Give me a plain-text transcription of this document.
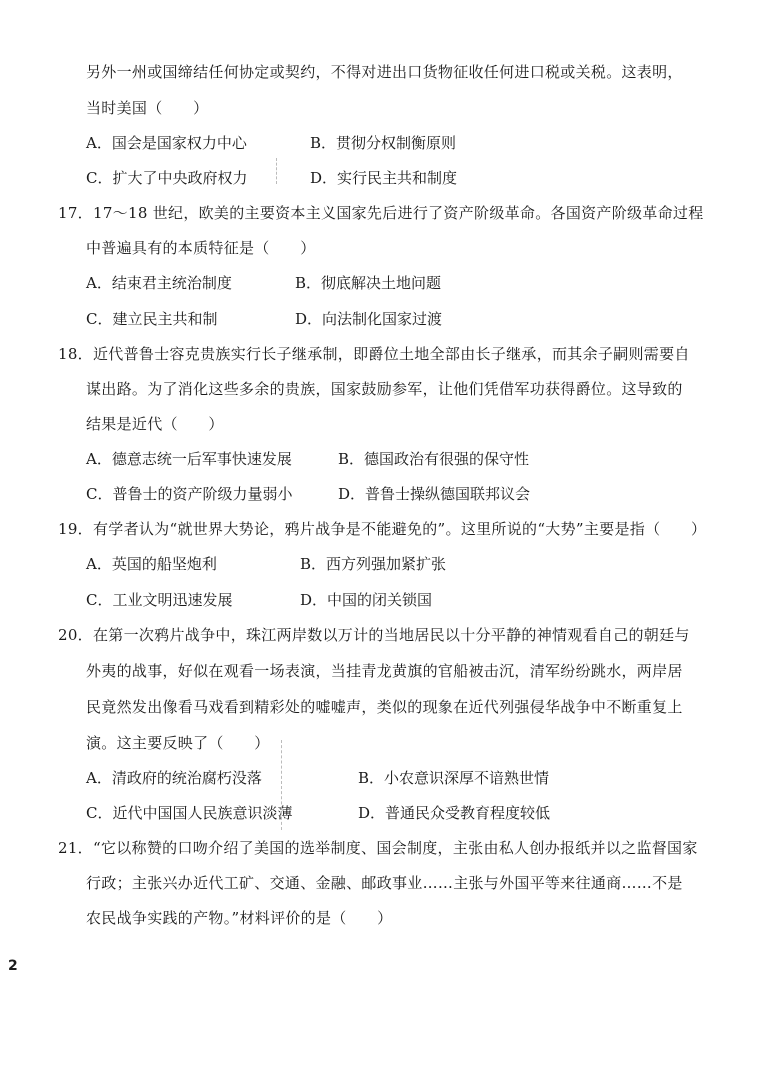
另外一州或国缔结任何协定或契约，不得对进出口货物征收任何进口税或关税。这表明，
当时美国（　　）
A．国会是国家权力中心	B．贯彻分权制衡原则
C．扩大了中央政府权力	D．实行民主共和制度
17．17～18 世纪，欧美的主要资本主义国家先后进行了资产阶级革命。各国资产阶级革命过程
中普遍具有的本质特征是（　　）
A．结束君主统治制度	B．彻底解决土地问题
C．建立民主共和制	D．向法制化国家过渡
18．近代普鲁士容克贵族实行长子继承制，即爵位土地全部由长子继承，而其余子嗣则需要自
谋出路。为了消化这些多余的贵族，国家鼓励参军，让他们凭借军功获得爵位。这导致的
结果是近代（　　）
A．德意志统一后军事快速发展	B．德国政治有很强的保守性
C．普鲁士的资产阶级力量弱小	D．普鲁士操纵德国联邦议会
19．有学者认为“就世界大势论，鸦片战争是不能避免的”。这里所说的“大势”主要是指（　　）
A．英国的船坚炮利	B．西方列强加紧扩张
C．工业文明迅速发展	D．中国的闭关锁国
20．在第一次鸦片战争中，珠江两岸数以万计的当地居民以十分平静的神情观看自己的朝廷与
外夷的战事，好似在观看一场表演，当挂青龙黄旗的官船被击沉，清军纷纷跳水，两岸居
民竟然发出像看马戏看到精彩处的嘘嘘声，类似的现象在近代列强侵华战争中不断重复上
演。这主要反映了（　　）
A．清政府的统治腐朽没落	B．小农意识深厚不谙熟世情
C．近代中国国人民族意识淡薄	D．普通民众受教育程度较低
21．“它以称赞的口吻介绍了美国的选举制度、国会制度，主张由私人创办报纸并以之监督国家
行政；主张兴办近代工矿、交通、金融、邮政事业……主张与外国平等来往通商……不是
农民战争实践的产物。”材料评价的是（　　）
2
